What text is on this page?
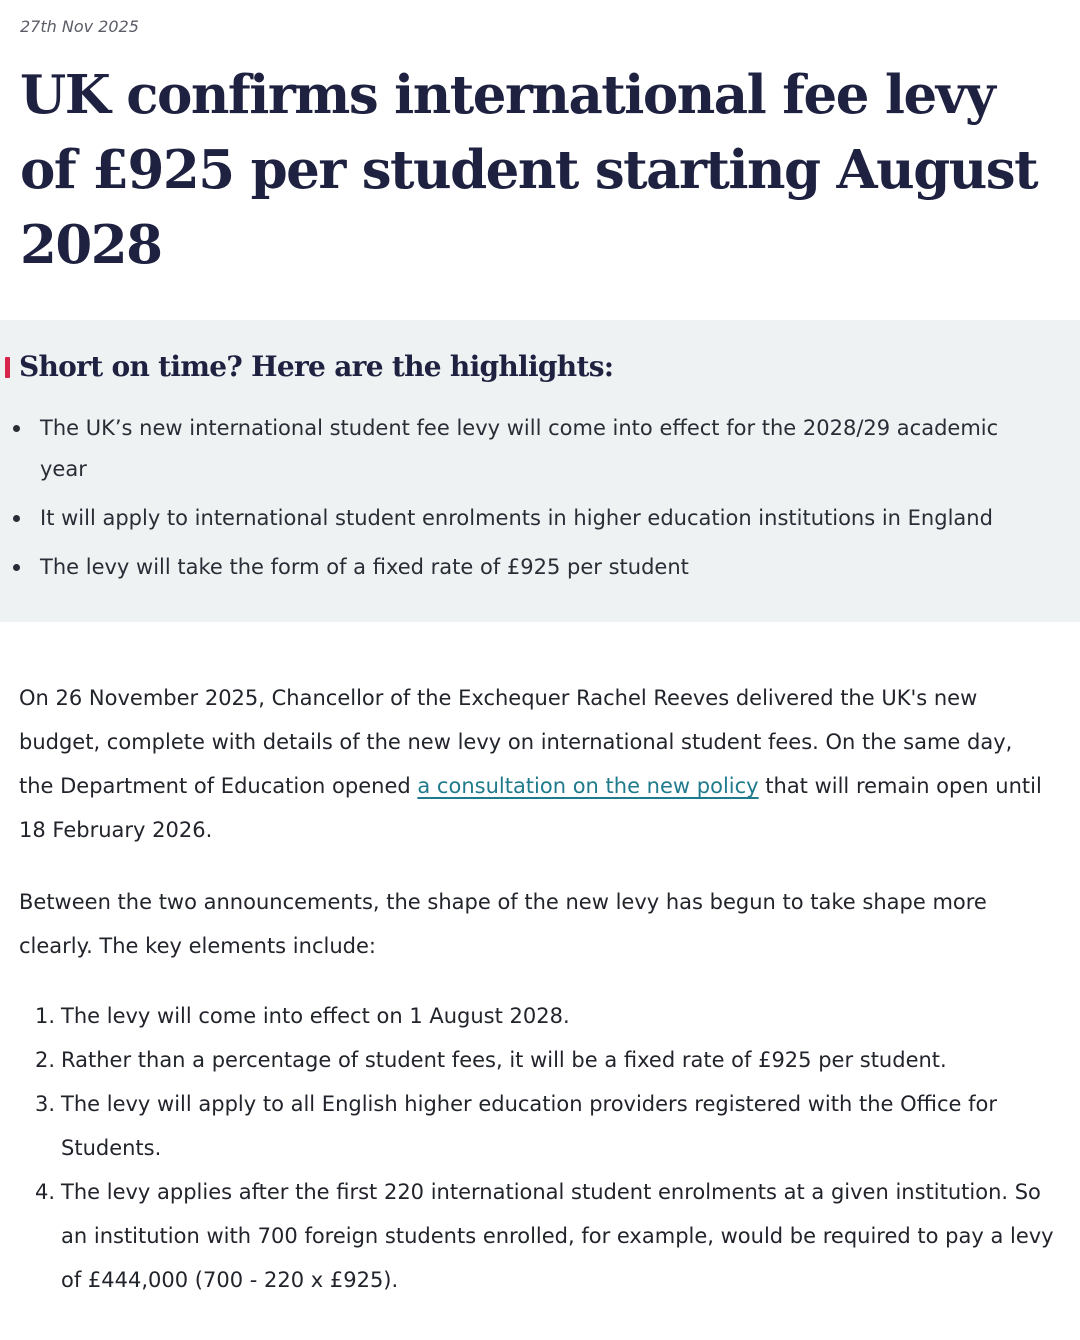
27th Nov 2025

UK confirms international fee levy of £925 per student starting August 2028
Short on time? Here are the highlights:
The UK’s new international student fee levy will come into effect for the 2028/29 academic year
It will apply to international student enrolments in higher education institutions in England
The levy will take the form of a fixed rate of £925 per student

On 26 November 2025, Chancellor of the Exchequer Rachel Reeves delivered the UK's new budget, complete with details of the new levy on international student fees. On the same day, the Department of Education opened a consultation on the new policy that will remain open until 18 February 2026.

Between the two announcements, the shape of the new levy has begun to take shape more clearly. The key elements include:

1. The levy will come into effect on 1 August 2028.
2. Rather than a percentage of student fees, it will be a fixed rate of £925 per student.
3. The levy will apply to all English higher education providers registered with the Office for Students.
4. The levy applies after the first 220 international student enrolments at a given institution. So an institution with 700 foreign students enrolled, for example, would be required to pay a levy of £444,000 (700 - 220 x £925).
